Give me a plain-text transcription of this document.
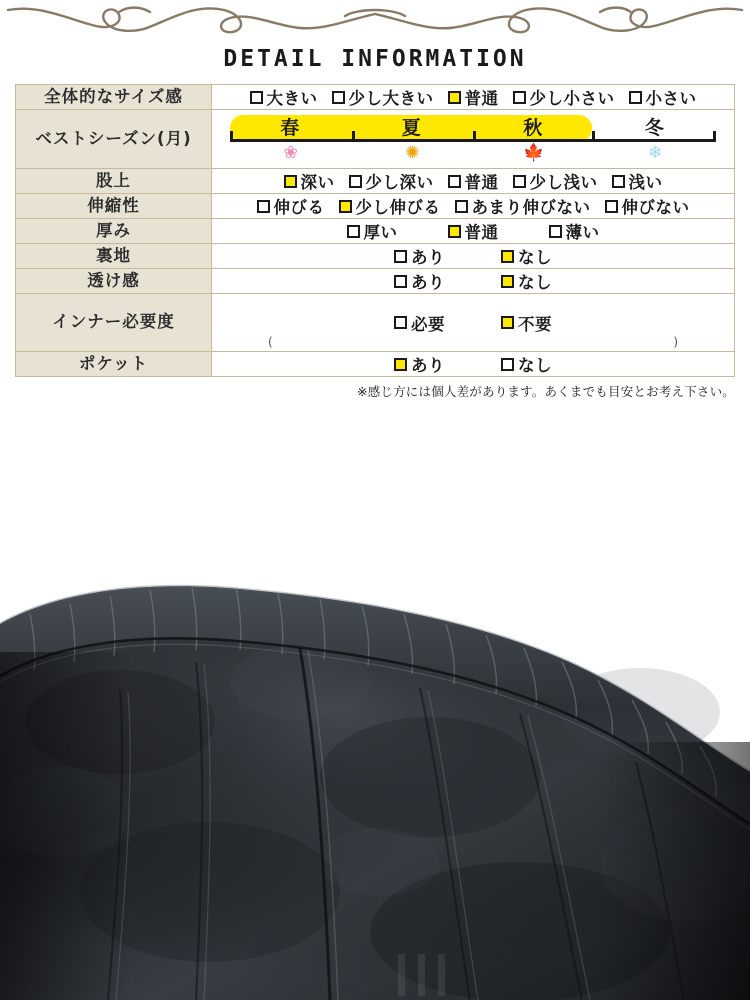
DETAIL INFORMATION
全体的なサイズ感	大きい 少し大きい 普通 少し小さい 小さい

ベストシーズン(月)	春	夏	秋	冬
❀	✺	🍁	❄

股上	深い 少し深い 普通 少し浅い 浅い

伸縮性	伸びる 少し伸びる あまり伸びない 伸びない

厚み	厚い 普通 薄い

裏地	あり なし

透け感	あり なし

インナー必要度	必要 不要
( )

ポケット	あり なし
※感じ方には個人差があります。あくまでも目安とお考え下さい。
